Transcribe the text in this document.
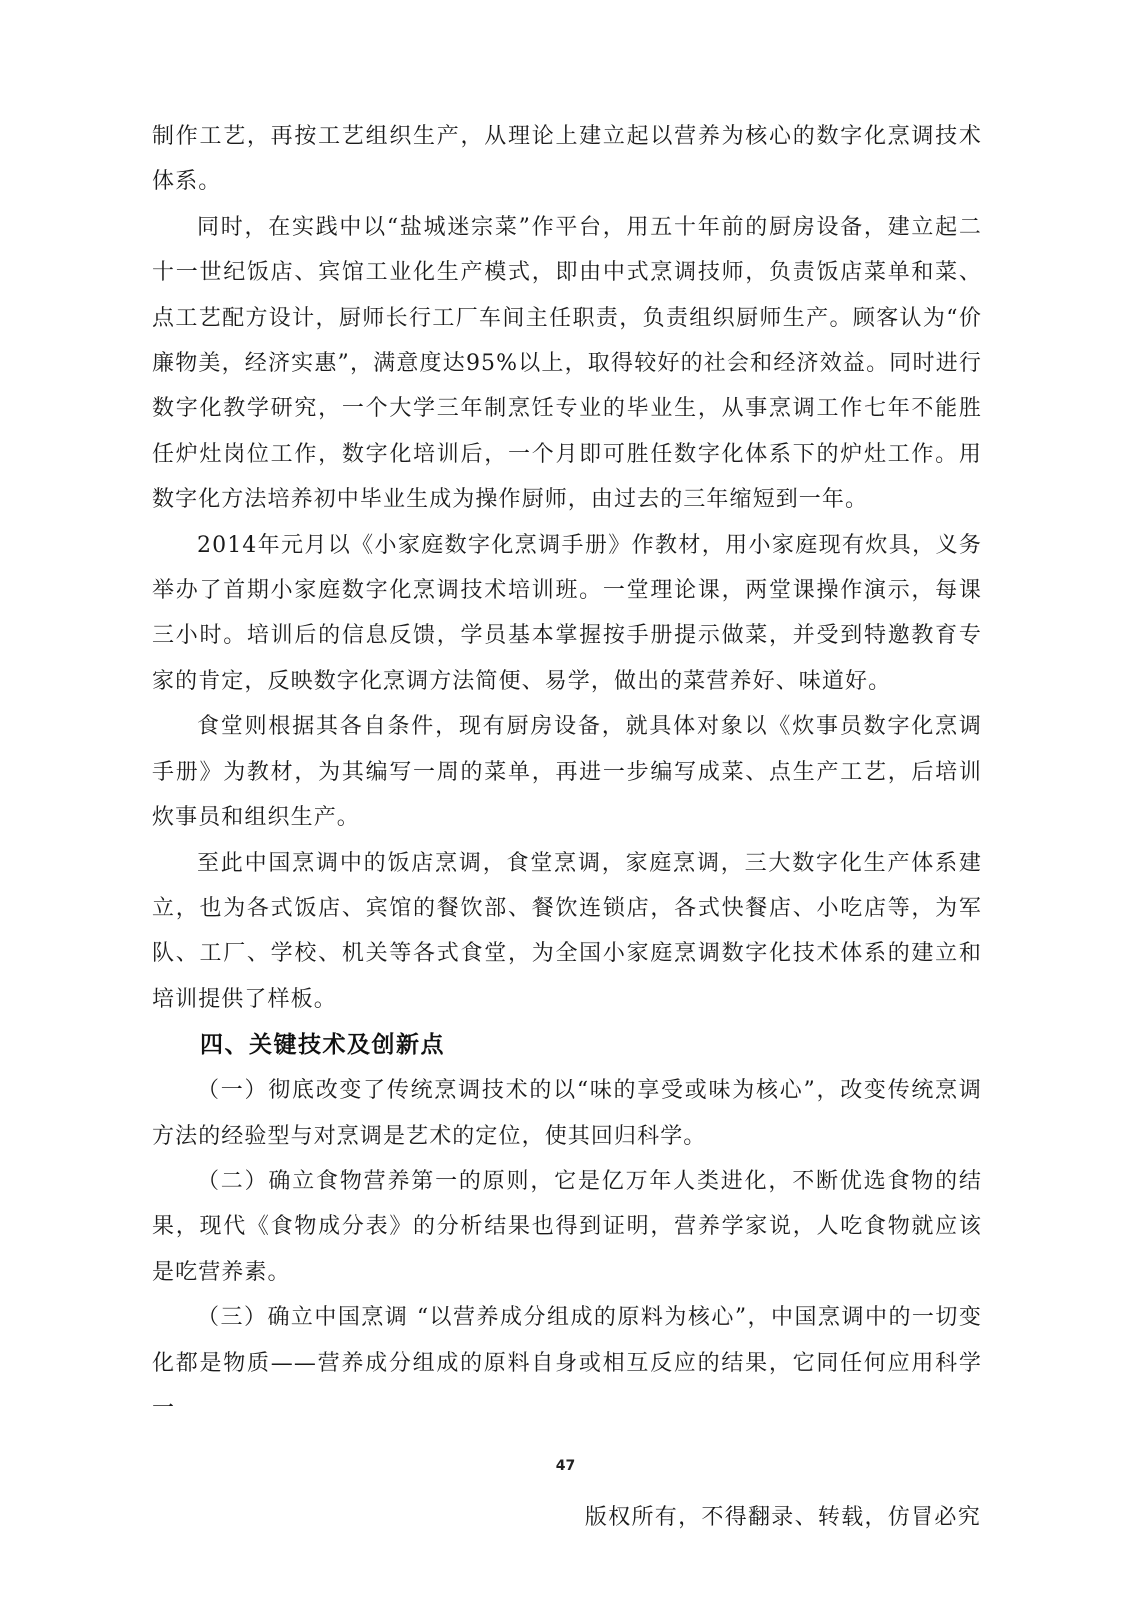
制作工艺，再按工艺组织生产，从理论上建立起以营养为核心的数字化烹调技术体系。

同时，在实践中以“盐城迷宗菜”作平台，用五十年前的厨房设备，建立起二十一世纪饭店、宾馆工业化生产模式，即由中式烹调技师，负责饭店菜单和菜、点工艺配方设计，厨师长行工厂车间主任职责，负责组织厨师生产。顾客认为“价廉物美，经济实惠”，满意度达95%以上，取得较好的社会和经济效益。同时进行数字化教学研究，一个大学三年制烹饪专业的毕业生，从事烹调工作七年不能胜任炉灶岗位工作，数字化培训后，一个月即可胜任数字化体系下的炉灶工作。用数字化方法培养初中毕业生成为操作厨师，由过去的三年缩短到一年。

2014年元月以《小家庭数字化烹调手册》作教材，用小家庭现有炊具，义务举办了首期小家庭数字化烹调技术培训班。一堂理论课，两堂课操作演示，每课三小时。培训后的信息反馈，学员基本掌握按手册提示做菜，并受到特邀教育专家的肯定，反映数字化烹调方法简便、易学，做出的菜营养好、味道好。

食堂则根据其各自条件，现有厨房设备，就具体对象以《炊事员数字化烹调手册》为教材，为其编写一周的菜单，再进一步编写成菜、点生产工艺，后培训炊事员和组织生产。

至此中国烹调中的饭店烹调，食堂烹调，家庭烹调，三大数字化生产体系建立，也为各式饭店、宾馆的餐饮部、餐饮连锁店，各式快餐店、小吃店等，为军队、工厂、学校、机关等各式食堂，为全国小家庭烹调数字化技术体系的建立和培训提供了样板。

四、关键技术及创新点

（一）彻底改变了传统烹调技术的以“味的享受或味为核心”，改变传统烹调方法的经验型与对烹调是艺术的定位，使其回归科学。

（二）确立食物营养第一的原则，它是亿万年人类进化，不断优选食物的结果，现代《食物成分表》的分析结果也得到证明，营养学家说，人吃食物就应该是吃营养素。

（三）确立中国烹调 “以营养成分组成的原料为核心”，中国烹调中的一切变化都是物质——营养成分组成的原料自身或相互反应的结果，它同任何应用科学一

47
版权所有，不得翻录、转载，仿冒必究
